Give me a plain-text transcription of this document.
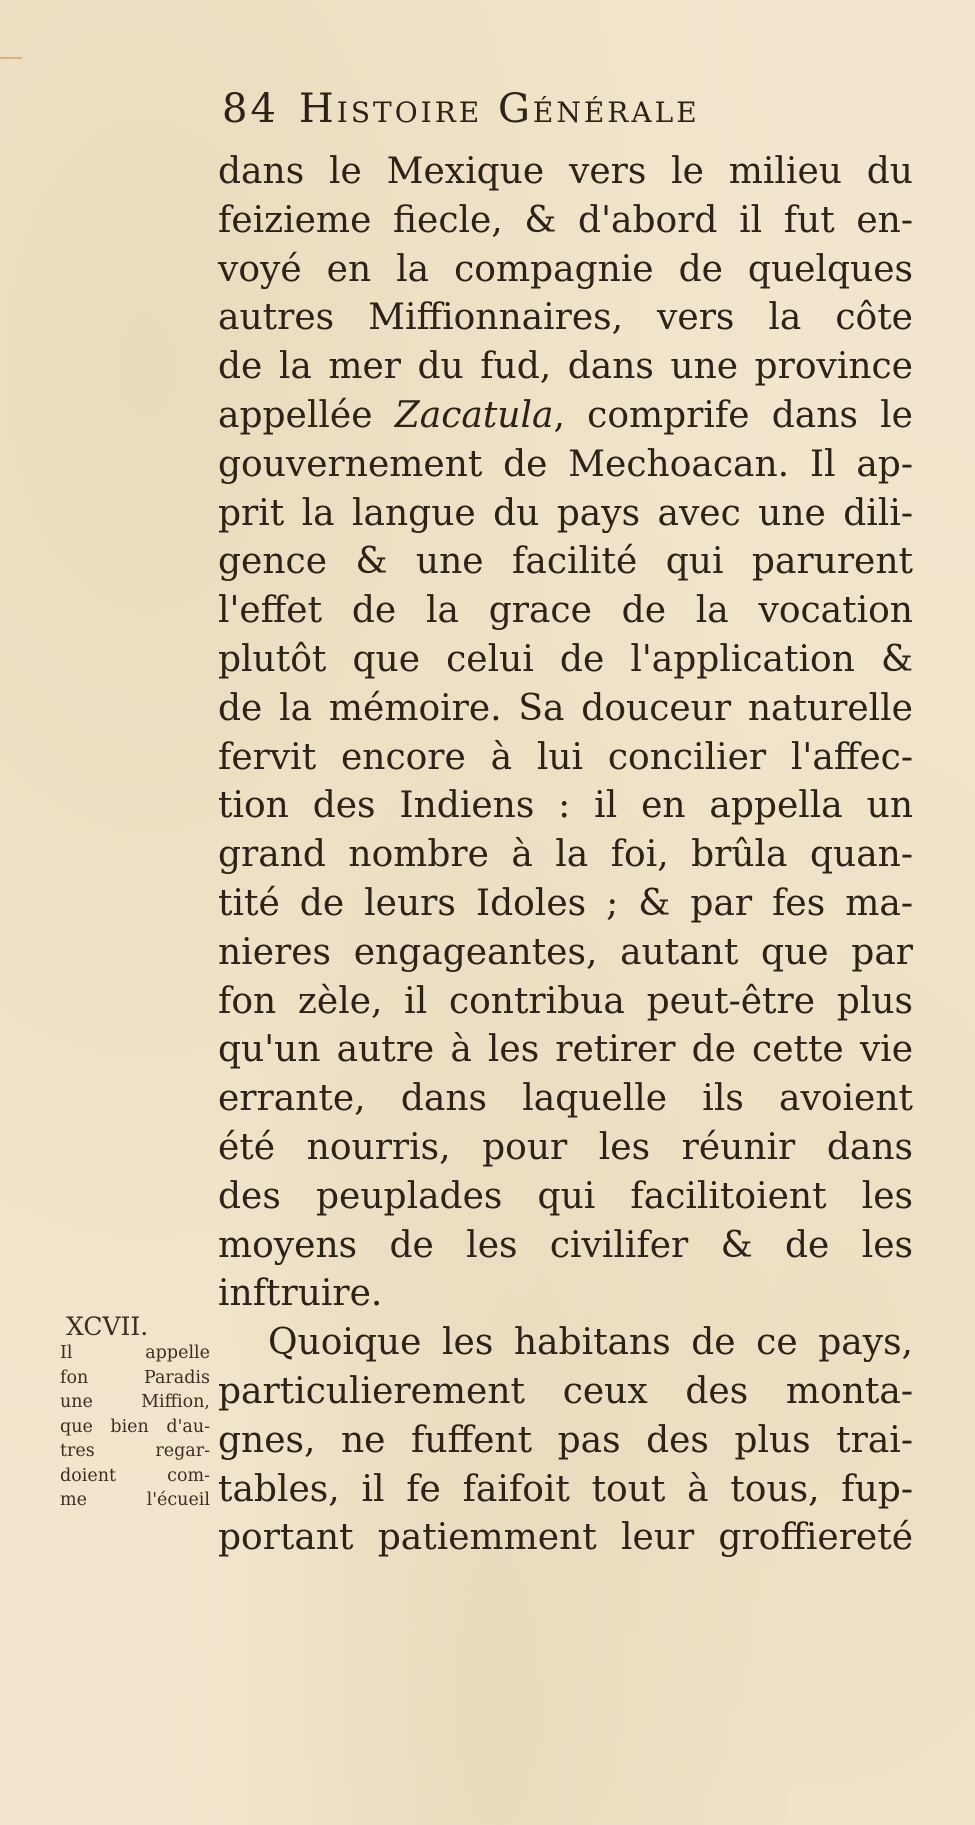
84 Histoire Générale
dans le Mexique vers le milieu du
feizieme fiecle, & d'abord il fut en-
voyé en la compagnie de quelques
autres Miffionnaires, vers la côte
de la mer du fud, dans une province
appellée Zacatula, comprife dans le
gouvernement de Mechoacan. Il ap-
prit la langue du pays avec une dili-
gence & une facilité qui parurent
l'effet de la grace de la vocation
plutôt que celui de l'application &
de la mémoire. Sa douceur naturelle
fervit encore à lui concilier l'affec-
tion des Indiens : il en appella un
grand nombre à la foi, brûla quan-
tité de leurs Idoles ; & par fes ma-
nieres engageantes, autant que par
fon zèle, il contribua peut-être plus
qu'un autre à les retirer de cette vie
errante, dans laquelle ils avoient
été nourris, pour les réunir dans
des peuplades qui facilitoient les
moyens de les civilifer & de les
inftruire.
Quoique les habitans de ce pays,
particulierement ceux des monta-
gnes, ne fuffent pas des plus trai-
tables, il fe faifoit tout à tous, fup-
portant patiemment leur groffiereté
XCVII.
Il appelle
fon Paradis
une Miffion,
que bien d'au-
tres regar-
doient com-
me l'écueil
